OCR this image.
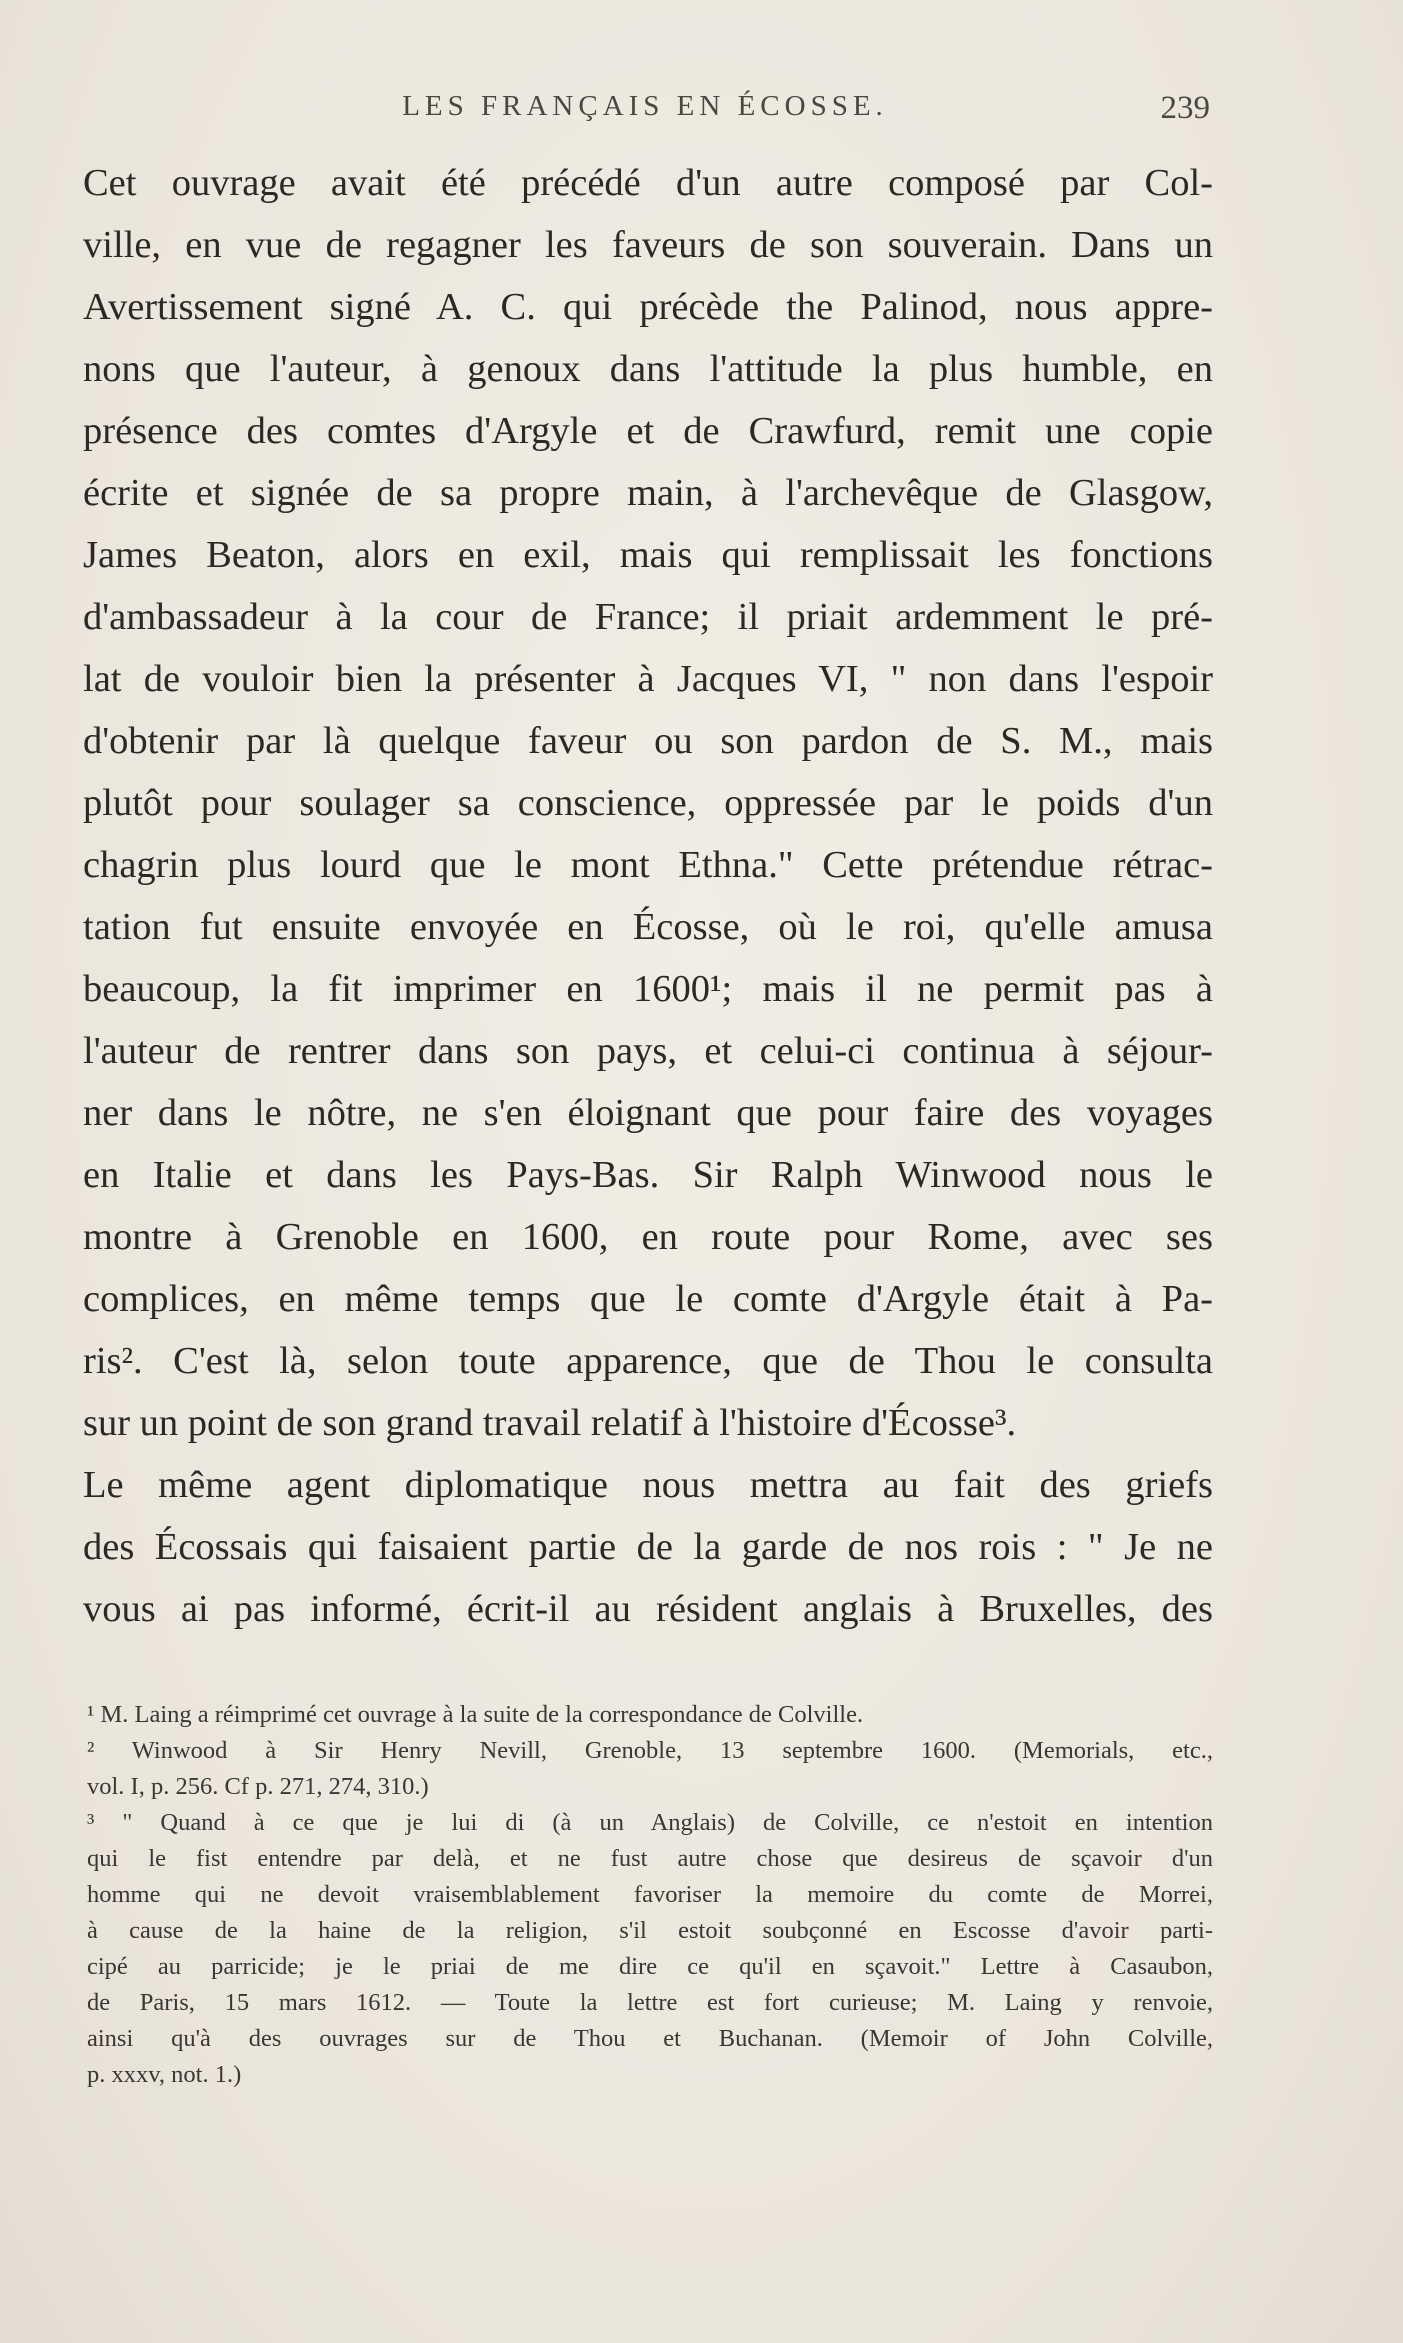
LES FRANÇAIS EN ÉCOSSE.	239
Cet ouvrage avait été précédé d'un autre composé par Col-
ville, en vue de regagner les faveurs de son souverain. Dans un
Avertissement signé A. C. qui précède the Palinod, nous appre-
nons que l'auteur, à genoux dans l'attitude la plus humble, en
présence des comtes d'Argyle et de Crawfurd, remit une copie
écrite et signée de sa propre main, à l'archevêque de Glasgow,
James Beaton, alors en exil, mais qui remplissait les fonctions
d'ambassadeur à la cour de France; il priait ardemment le pré-
lat de vouloir bien la présenter à Jacques VI, " non dans l'espoir
d'obtenir par là quelque faveur ou son pardon de S. M., mais
plutôt pour soulager sa conscience, oppressée par le poids d'un
chagrin plus lourd que le mont Ethna." Cette prétendue rétrac-
tation fut ensuite envoyée en Écosse, où le roi, qu'elle amusa
beaucoup, la fit imprimer en 1600¹; mais il ne permit pas à
l'auteur de rentrer dans son pays, et celui-ci continua à séjour-
ner dans le nôtre, ne s'en éloignant que pour faire des voyages
en Italie et dans les Pays-Bas. Sir Ralph Winwood nous le
montre à Grenoble en 1600, en route pour Rome, avec ses
complices, en même temps que le comte d'Argyle était à Pa-
ris². C'est là, selon toute apparence, que de Thou le consulta
sur un point de son grand travail relatif à l'histoire d'Écosse³.
Le même agent diplomatique nous mettra au fait des griefs
des Écossais qui faisaient partie de la garde de nos rois : " Je ne
vous ai pas informé, écrit-il au résident anglais à Bruxelles, des
¹ M. Laing a réimprimé cet ouvrage à la suite de la correspondance de Colville.
² Winwood à Sir Henry Nevill, Grenoble, 13 septembre 1600. (Memorials, etc.,
vol. I, p. 256. Cf p. 271, 274, 310.)
³ " Quand à ce que je lui di (à un Anglais) de Colville, ce n'estoit en intention
qui le fist entendre par delà, et ne fust autre chose que desireus de sçavoir d'un
homme qui ne devoit vraisemblablement favoriser la memoire du comte de Morrei,
à cause de la haine de la religion, s'il estoit soubçonné en Escosse d'avoir parti-
cipé au parricide; je le priai de me dire ce qu'il en sçavoit." Lettre à Casaubon,
de Paris, 15 mars 1612. — Toute la lettre est fort curieuse; M. Laing y renvoie,
ainsi qu'à des ouvrages sur de Thou et Buchanan. (Memoir of John Colville,
p. xxxv, not. 1.)
